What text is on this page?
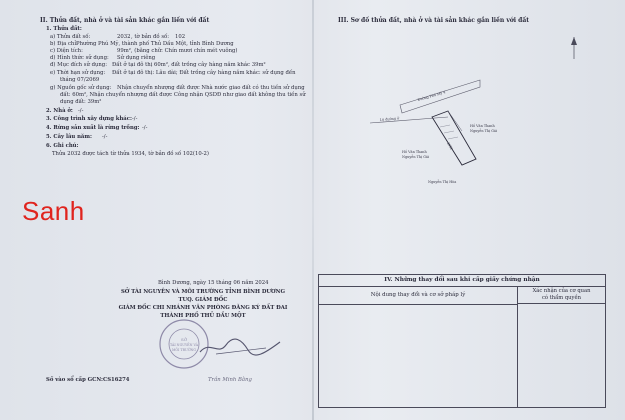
II. Thửa đất, nhà ở và tài sản khác gắn liền với đất
1. Thửa đất:
a) Thửa đất số:	2032 , tờ bản đồ số: 102
b) Địa chỉ:
Phường Phú Mỹ, thành phố Thủ Dầu Một, tỉnh Bình Dương
c) Diện tích:	99m², (bằng chữ: Chín mươi chín mét vuông)
d) Hình thức sử dụng: Sử dụng riêng
đ) Mục đích sử dụng: Đất ở tại đô thị 60m², đất trồng cây hàng năm khác 39m²
e) Thời hạn sử dụng: Đất ở tại đô thị: Lâu dài; Đất trồng cây hàng năm khác: sử dụng đến
tháng 07/2069
g) Nguồn gốc sử dụng: Nhận chuyển nhượng đất được Nhà nước giao đất có thu tiền sử dụng
đất: 60m², Nhận chuyển nhượng đất được Công nhận QSDĐ như giao đất không thu tiền sử
dụng đất: 39m²
2. Nhà ở: -/-
3. Công trình xây dựng khác: -/-
4. Rừng sản xuất là rừng trồng: -/-
5. Cây lâu năm: -/-
6. Ghi chú:
Thửa 2032 được tách từ thửa 1934, tờ bản đồ số 102(10-2)
Sanh
Bình Dương, ngày 15 tháng 06 năm 2024
SỞ TÀI NGUYÊN VÀ MÔI TRƯỜNG TỈNH BÌNH DƯƠNG
TUQ. GIÁM ĐỐC
GIÁM ĐỐC CHI NHÁNH VĂN PHÒNG ĐĂNG KÝ ĐẤT ĐAI
THÀNH PHỐ THỦ DẦU MỘT
SỞ
TÀI NGUYÊN VÀ
MÔI TRƯỜNG
Trần Minh Bằng
Số vào sổ cấp GCN:CS16274
III. Sơ đồ thửa đất, nhà ở và tài sản khác gắn liền với đất
Đường Phú Mỹ 4
Lộ đường ở
2032
Hồ Văn Thanh
Nguyễn Thị Gái
Hồ Văn Thanh
Nguyễn Thị Gái
Nguyễn Thị Hòa
IV. Những thay đổi sau khi cấp giấy chứng nhận
Nội dung thay đổi và cơ sở pháp lý
Xác nhận của cơ quan
có thẩm quyền
